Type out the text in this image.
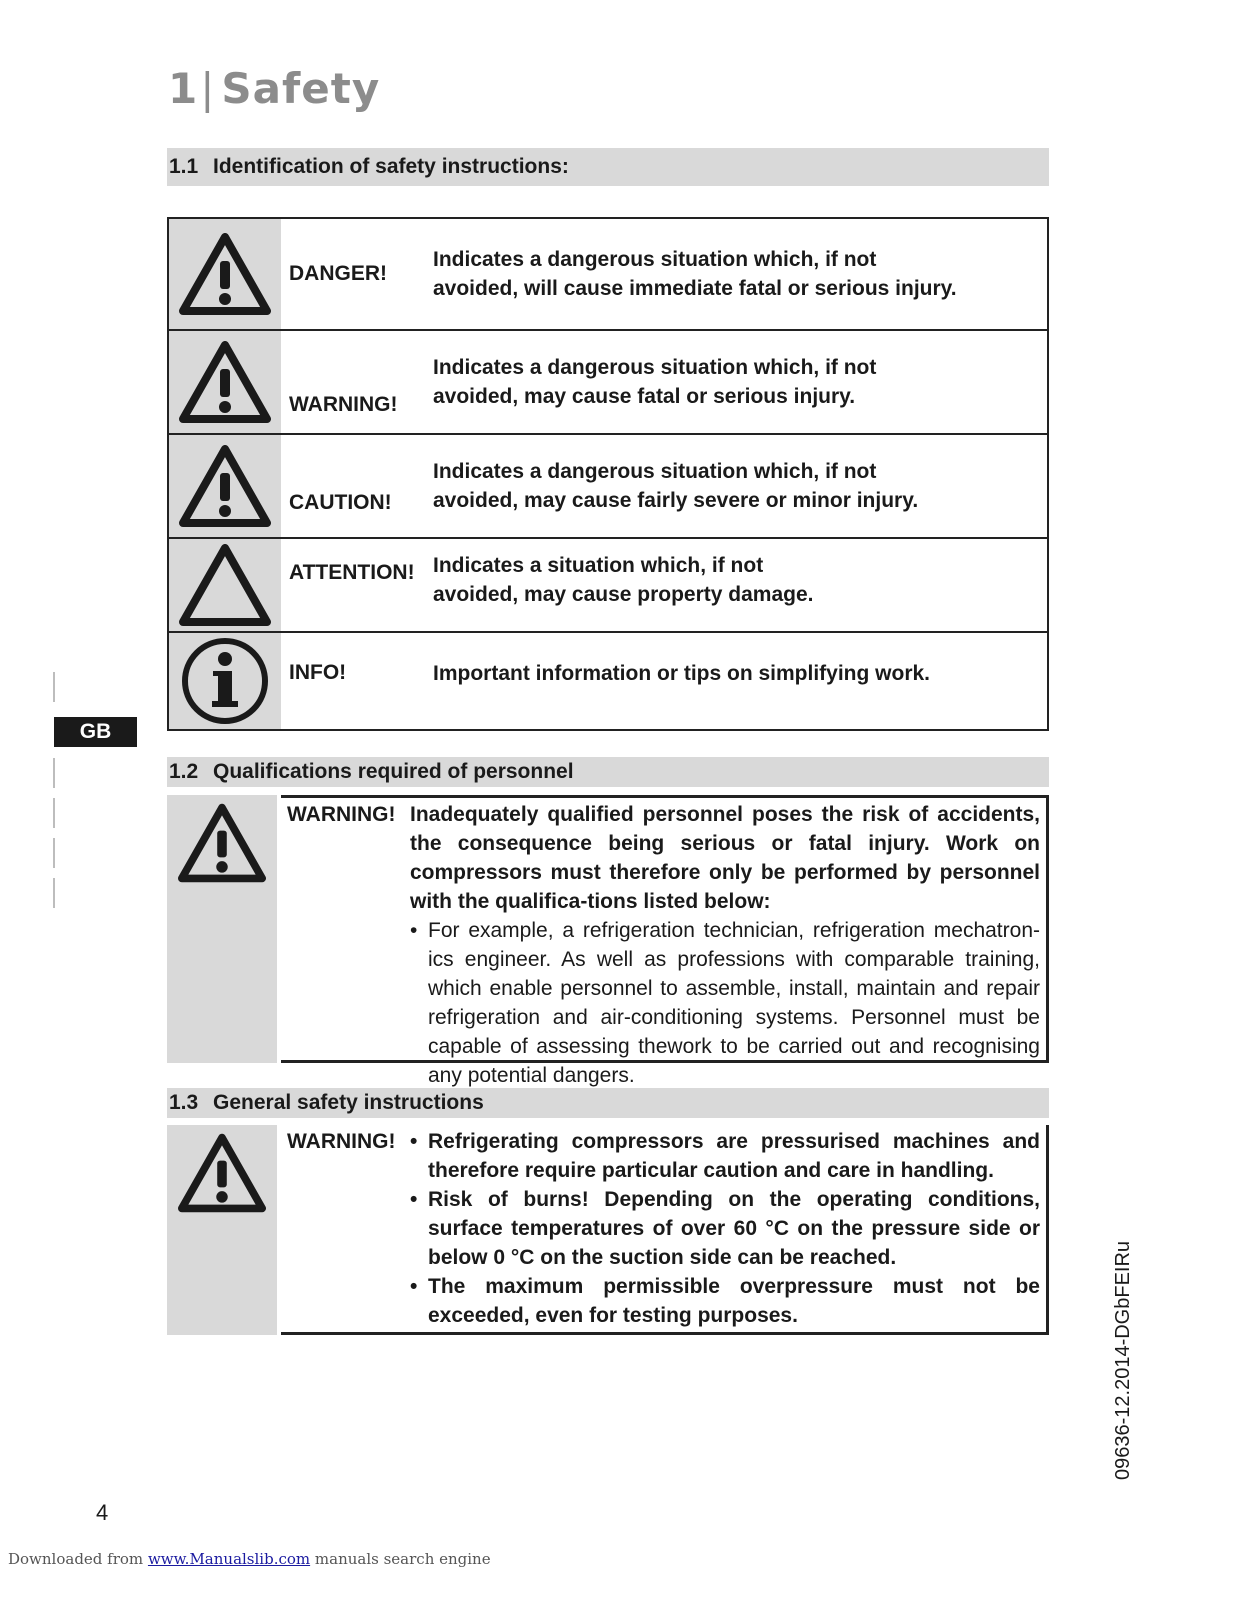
1| Safety
1.1 Identification of safety instructions:
DANGER!
Indicates a dangerous situation which, if not
avoided, will cause immediate fatal or serious injury.
WARNING!
Indicates a dangerous situation which, if not
avoided, may cause fatal or serious injury.
CAUTION!
Indicates a dangerous situation which, if not
avoided, may cause fairly severe or minor injury.
ATTENTION! Indicates a situation which, if not
avoided, may cause property damage.
INFO!	Important information or tips on simplifying work.
1.2 Qualifications required of personnel
WARNING! Inadequately qualified personnel poses the risk of accidents, the consequence being serious or fatal injury. Work on compressors must therefore only be performed by personnel with the qualifica-tions listed below:
• For example, a refrigeration technician, refrigeration mechatron-ics engineer. As well as professions with comparable training, which enable personnel to assemble, install, maintain and repair refrigeration and air-conditioning systems. Personnel must be capable of assessing thework to be carried out and recognising any potential dangers.
1.3 General safety instructions
WARNING! • Refrigerating compressors are pressurised machines and therefore require particular caution and care in handling.
• Risk of burns! Depending on the operating conditions, surface temperatures of over 60 °C on the pressure side or below 0 °C on the suction side can be reached.
• The maximum permissible overpressure must not be exceeded, even for testing purposes.
GB
09636-12.2014-DGbFEIRu
4
Downloaded from www.Manualslib.com manuals search engine
